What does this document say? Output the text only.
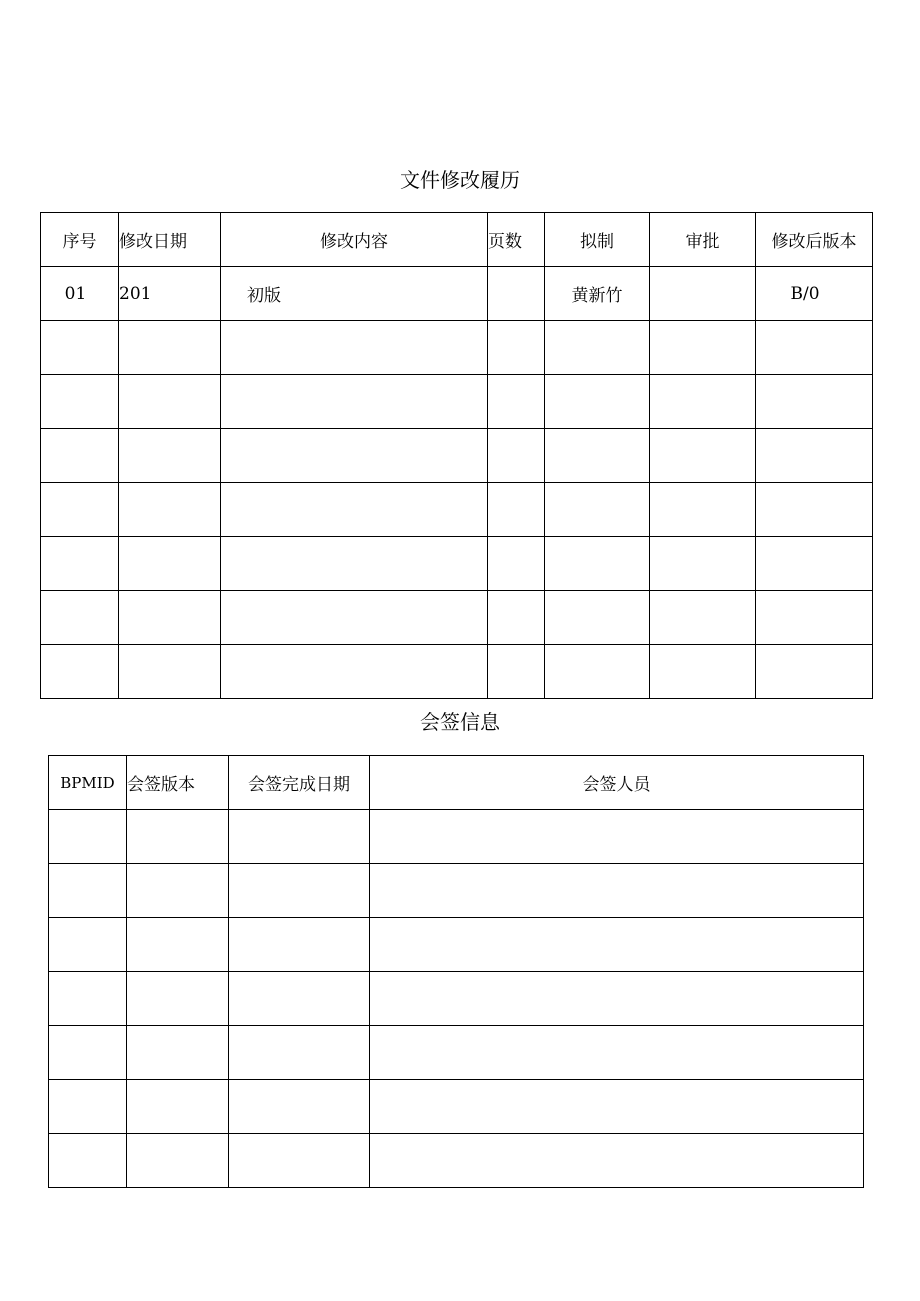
文件修改履历
序号	修改日期	修改内容	页数	拟制	审批	修改后版本
01	201	初版		黄新竹		B/0

会签信息
BPMID	会签版本	会签完成日期	会签人员
